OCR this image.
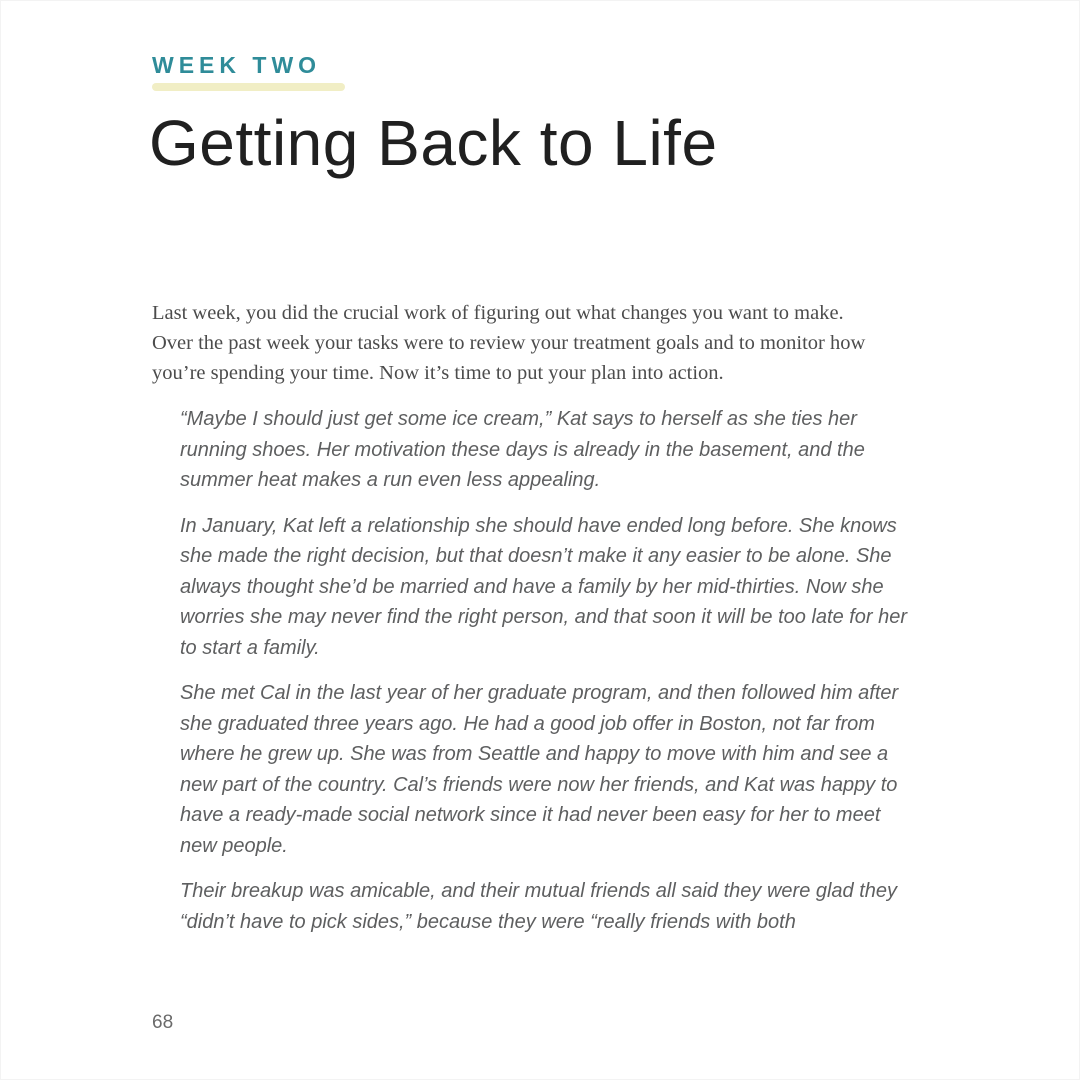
WEEK TWO
Getting Back to Life

Last week, you did the crucial work of figuring out what changes you want to make. Over the past week your tasks were to review your treatment goals and to monitor how you’re spending your time. Now it’s time to put your plan into action.

“Maybe I should just get some ice cream,” Kat says to herself as she ties her running shoes. Her motivation these days is already in the basement, and the summer heat makes a run even less appealing.

In January, Kat left a relationship she should have ended long before. She knows she made the right decision, but that doesn’t make it any easier to be alone. She always thought she’d be married and have a family by her mid-thirties. Now she worries she may never find the right person, and that soon it will be too late for her to start a family.

She met Cal in the last year of her graduate program, and then followed him after she graduated three years ago. He had a good job offer in Boston, not far from where he grew up. She was from Seattle and happy to move with him and see a new part of the country. Cal’s friends were now her friends, and Kat was happy to have a ready-made social network since it had never been easy for her to meet new people.

Their breakup was amicable, and their mutual friends all said they were glad they “didn’t have to pick sides,” because they were “really friends with both

68
